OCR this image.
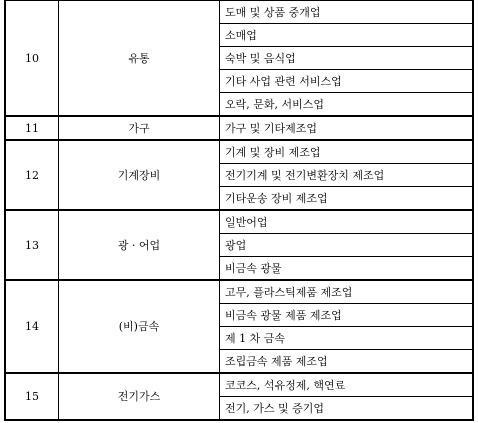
10	유통	도매 및 상품 중개업
		소매업
		숙박 및 음식업
		기타 사업 관련 서비스업
		오락, 문화, 서비스업
11	가구	가구 및 기타제조업
12	기계장비	기계 및 장비 제조업
		전기기계 및 전기변환장치 제조업
		기타운송 장비 제조업
13	광 · 어업	일반어업
		광업
		비금속 광물
14	(비)금속	고무, 플라스틱제품 제조업
		비금속 광물 제품 제조업
		제 1 차 금속
		조립금속 제품 제조업
15	전기가스	코코스, 석유정제, 핵연료
		전기, 가스 및 증기업
